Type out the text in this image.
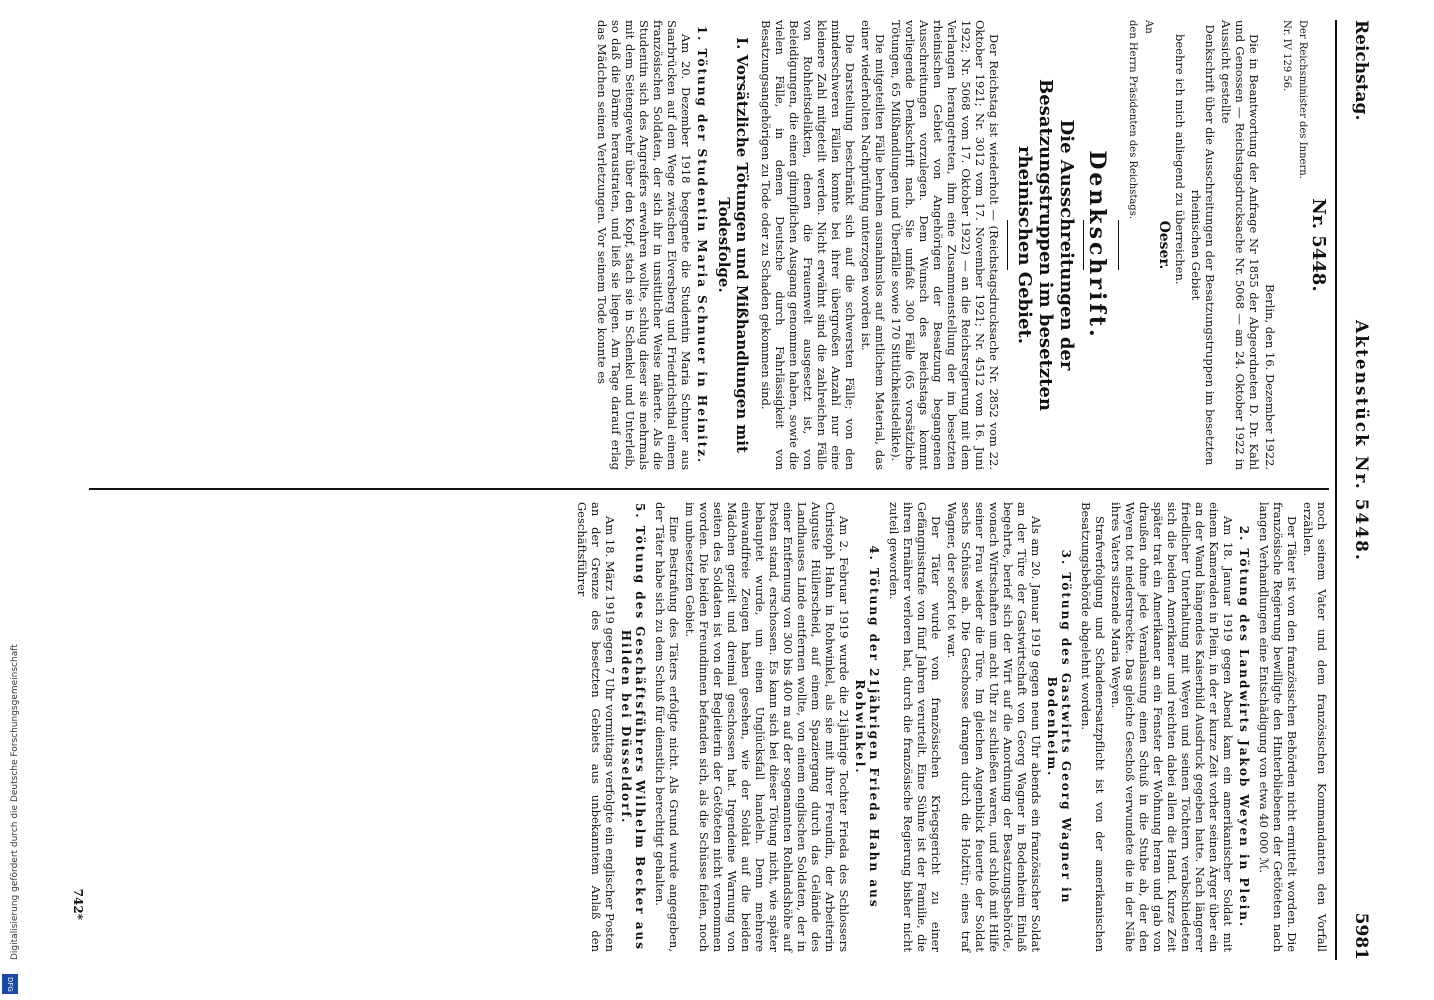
Digitalisierung gefördert durch die Deutsche Forschungsgemeinschaft
DFG
Reichstag.
Aktenstück Nr. 5448.
5981
Nr. 5448.

Der Reichsminister des Innern.

Nr. IV 129 56.

Berlin, den 16. Dezember 1922.

Die in Beantwortung der Anfrage Nr 1855 der Abgeordneten D. Dr. Kahl und Genossen — Reichstagsdrucksache Nr. 5068 — am 24. Oktober 1922 in Aussicht gestellte

Denkschrift über die Ausschreitungen der Besatzungstruppen im besetzten rheinischen Gebiet

beehre ich mich anliegend zu überreichen.

Oeser.

An

den Herrn Präsidenten des Reichstags.

Denkschrift.
Die Ausschreitungen der Besatzungstruppen im besetzten rheinischen Gebiet.

Der Reichstag ist wiederholt — (Reichstagsdrucksache Nr. 2852 vom 22. Oktober 1921; Nr. 3012 vom 17. November 1921; Nr. 4512 vom 16. Juni 1922; Nr. 5068 vom 17. Oktober 1922) — an die Reichsregierung mit dem Verlangen herangetreten, ihm eine Zusammenstellung der im besetzten rheinischen Gebiet von Angehörigen der Besatzung begangenen Ausschreitungen vorzulegen. Dem Wunsch des Reichstags kommt vorliegende Denkschrift nach. Sie umfaßt 300 Fälle (65 vorsätzliche Tötungen, 65 Mißhandlungen und Überfälle sowie 170 Sittlichkeitsdelikte).

Die mitgeteilten Fälle beruhen ausnahmslos auf amtlichem Material, das einer wiederholten Nachprüfung unterzogen worden ist.

Die Darstellung beschränkt sich auf die schwersten Fälle; von den minderschweren Fällen konnte bei ihrer übergroßen Anzahl nur eine kleinere Zahl mitgeteilt werden. Nicht erwähnt sind die zahlreichen Fälle von Rohheitsdelikten, denen die Frauenwelt ausgesetzt ist, von Beleidigungen, die einen glimpflichen Ausgang genommen haben, sowie die vielen Fälle, in denen Deutsche durch Fahrlässigkeit von Besatzungsangehörigen zu Tode oder zu Schaden gekommen sind.

I. Vorsätzliche Tötungen und Mißhandlungen mit Todesfolge.

1. Tötung der Studentin Maria Schnuer in Heinitz.

Am 20. Dezember 1918 begegnete die Studentin Maria Schnuer aus Saarbrücken auf dem Wege zwischen Elversberg und Friedrichsthal einem französischen Soldaten, der sich ihr in unsittlicher Weise näherte. Als die Studentin sich des Angreifers erwehren wollte, schlug dieser sie mehrmals mit dem Seitengewehr über den Kopf, stach sie in Schenkel und Unterleib, so daß die Därme heraustraten, und ließ sie liegen. Am Tage darauf erlag das Mädchen seinen Verletzungen. Vor seinem Tode konnte es

noch seinem Vater und dem französischen Kommandanten den Vorfall erzählen.

Der Täter ist von den französischen Behörden nicht ermittelt worden. Die französische Regierung bewilligte den Hinterbliebenen der Getöteten nach langen Verhandlungen eine Entschädigung von etwa 40 000 ℳ.

2. Tötung des Landwirts Jakob Weyen in Plein.

Am 18. Januar 1919 gegen Abend kam ein amerikanischer Soldat mit einem Kameraden in Plein, in der er kurze Zeit vorher seinen Ärger über ein an der Wand hängendes Kaiserbild Ausdruck gegeben hatte. Nach längerer friedlicher Unterhaltung mit Weyen und seinen Töchtern verabschiedeten sich die beiden Amerikaner und reichten dabei allen die Hand. Kurze Zeit später trat ein Amerikaner an ein Fenster der Wohnung heran und gab von draußen ohne jede Veranlassung einen Schuß in die Stube ab, der den Weyen tot niederstreckte. Das gleiche Geschoß verwundete die in der Nähe ihres Vaters sitzende Maria Weyen.

Strafverfolgung und Schadenersatzpflicht ist von der amerikanischen Besatzungsbehörde abgelehnt worden.

3. Tötung des Gastwirts Georg Wagner in Bodenheim.

Als am 20. Januar 1919 gegen neun Uhr abends ein französischer Soldat an der Türe der Gastwirtschaft von Georg Wagner in Bodenheim Einlaß begehrte, berief sich der Wirt auf die Anordnung der Besatzungsbehörde, wonach Wirtschaften um acht Uhr zu schließen waren, und schloß mit Hilfe seiner Frau wieder die Türe. Im gleichen Augenblick feuerte der Soldat sechs Schüsse ab. Die Geschosse drangen durch die Holztür; eines traf Wagner, der sofort tot war.

Der Täter wurde vom französischen Kriegsgericht zu einer Gefängnisstrafe von fünf Jahren verurteilt. Eine Sühne ist der Familie, die ihren Ernährer verloren hat, durch die französische Regierung bisher nicht zuteil geworden.

4. Tötung der 21jährigen Frieda Hahn aus Rohwinkel.

Am 2. Februar 1919 wurde die 21jährige Tochter Frieda des Schlossers Christoph Hahn in Rohwinkel, als sie mit ihrer Freundin, der Arbeiterin Auguste Hüllerscheid, auf einem Spaziergang durch das Gelände des Landhauses Linde entfernen wollte, von einem englischen Soldaten, der in einer Entfernung von 300 bis 400 m auf der sogenannten Rohlandshöhe auf Posten stand, erschossen. Es kann sich bei dieser Tötung nicht, wie später behauptet wurde, um einen Unglücksfall handeln. Denn mehrere einwandfreie Zeugen haben gesehen, wie der Soldat auf die beiden Mädchen gezielt und dreimal geschossen hat. Irgendeine Warnung von seiten des Soldaten ist von der Begleiterin der Getöteten nicht vernommen worden. Die beiden Freundinnen befanden sich, als die Schüsse fielen, noch im unbesetzten Gebiet.

Eine Bestrafung des Täters erfolgte nicht. Als Grund wurde angegeben, der Täter habe sich zu dem Schuß für dienstlich berechtigt gehalten.

5. Tötung des Geschäftsführers Wilhelm Becker aus Hilden bei Düsseldorf.

Am 18. März 1919 gegen 7 Uhr vormittags verfolgte ein englischer Posten an der Grenze des besetzten Gebiets aus unbekanntem Anlaß den Geschäftsführer

742*
